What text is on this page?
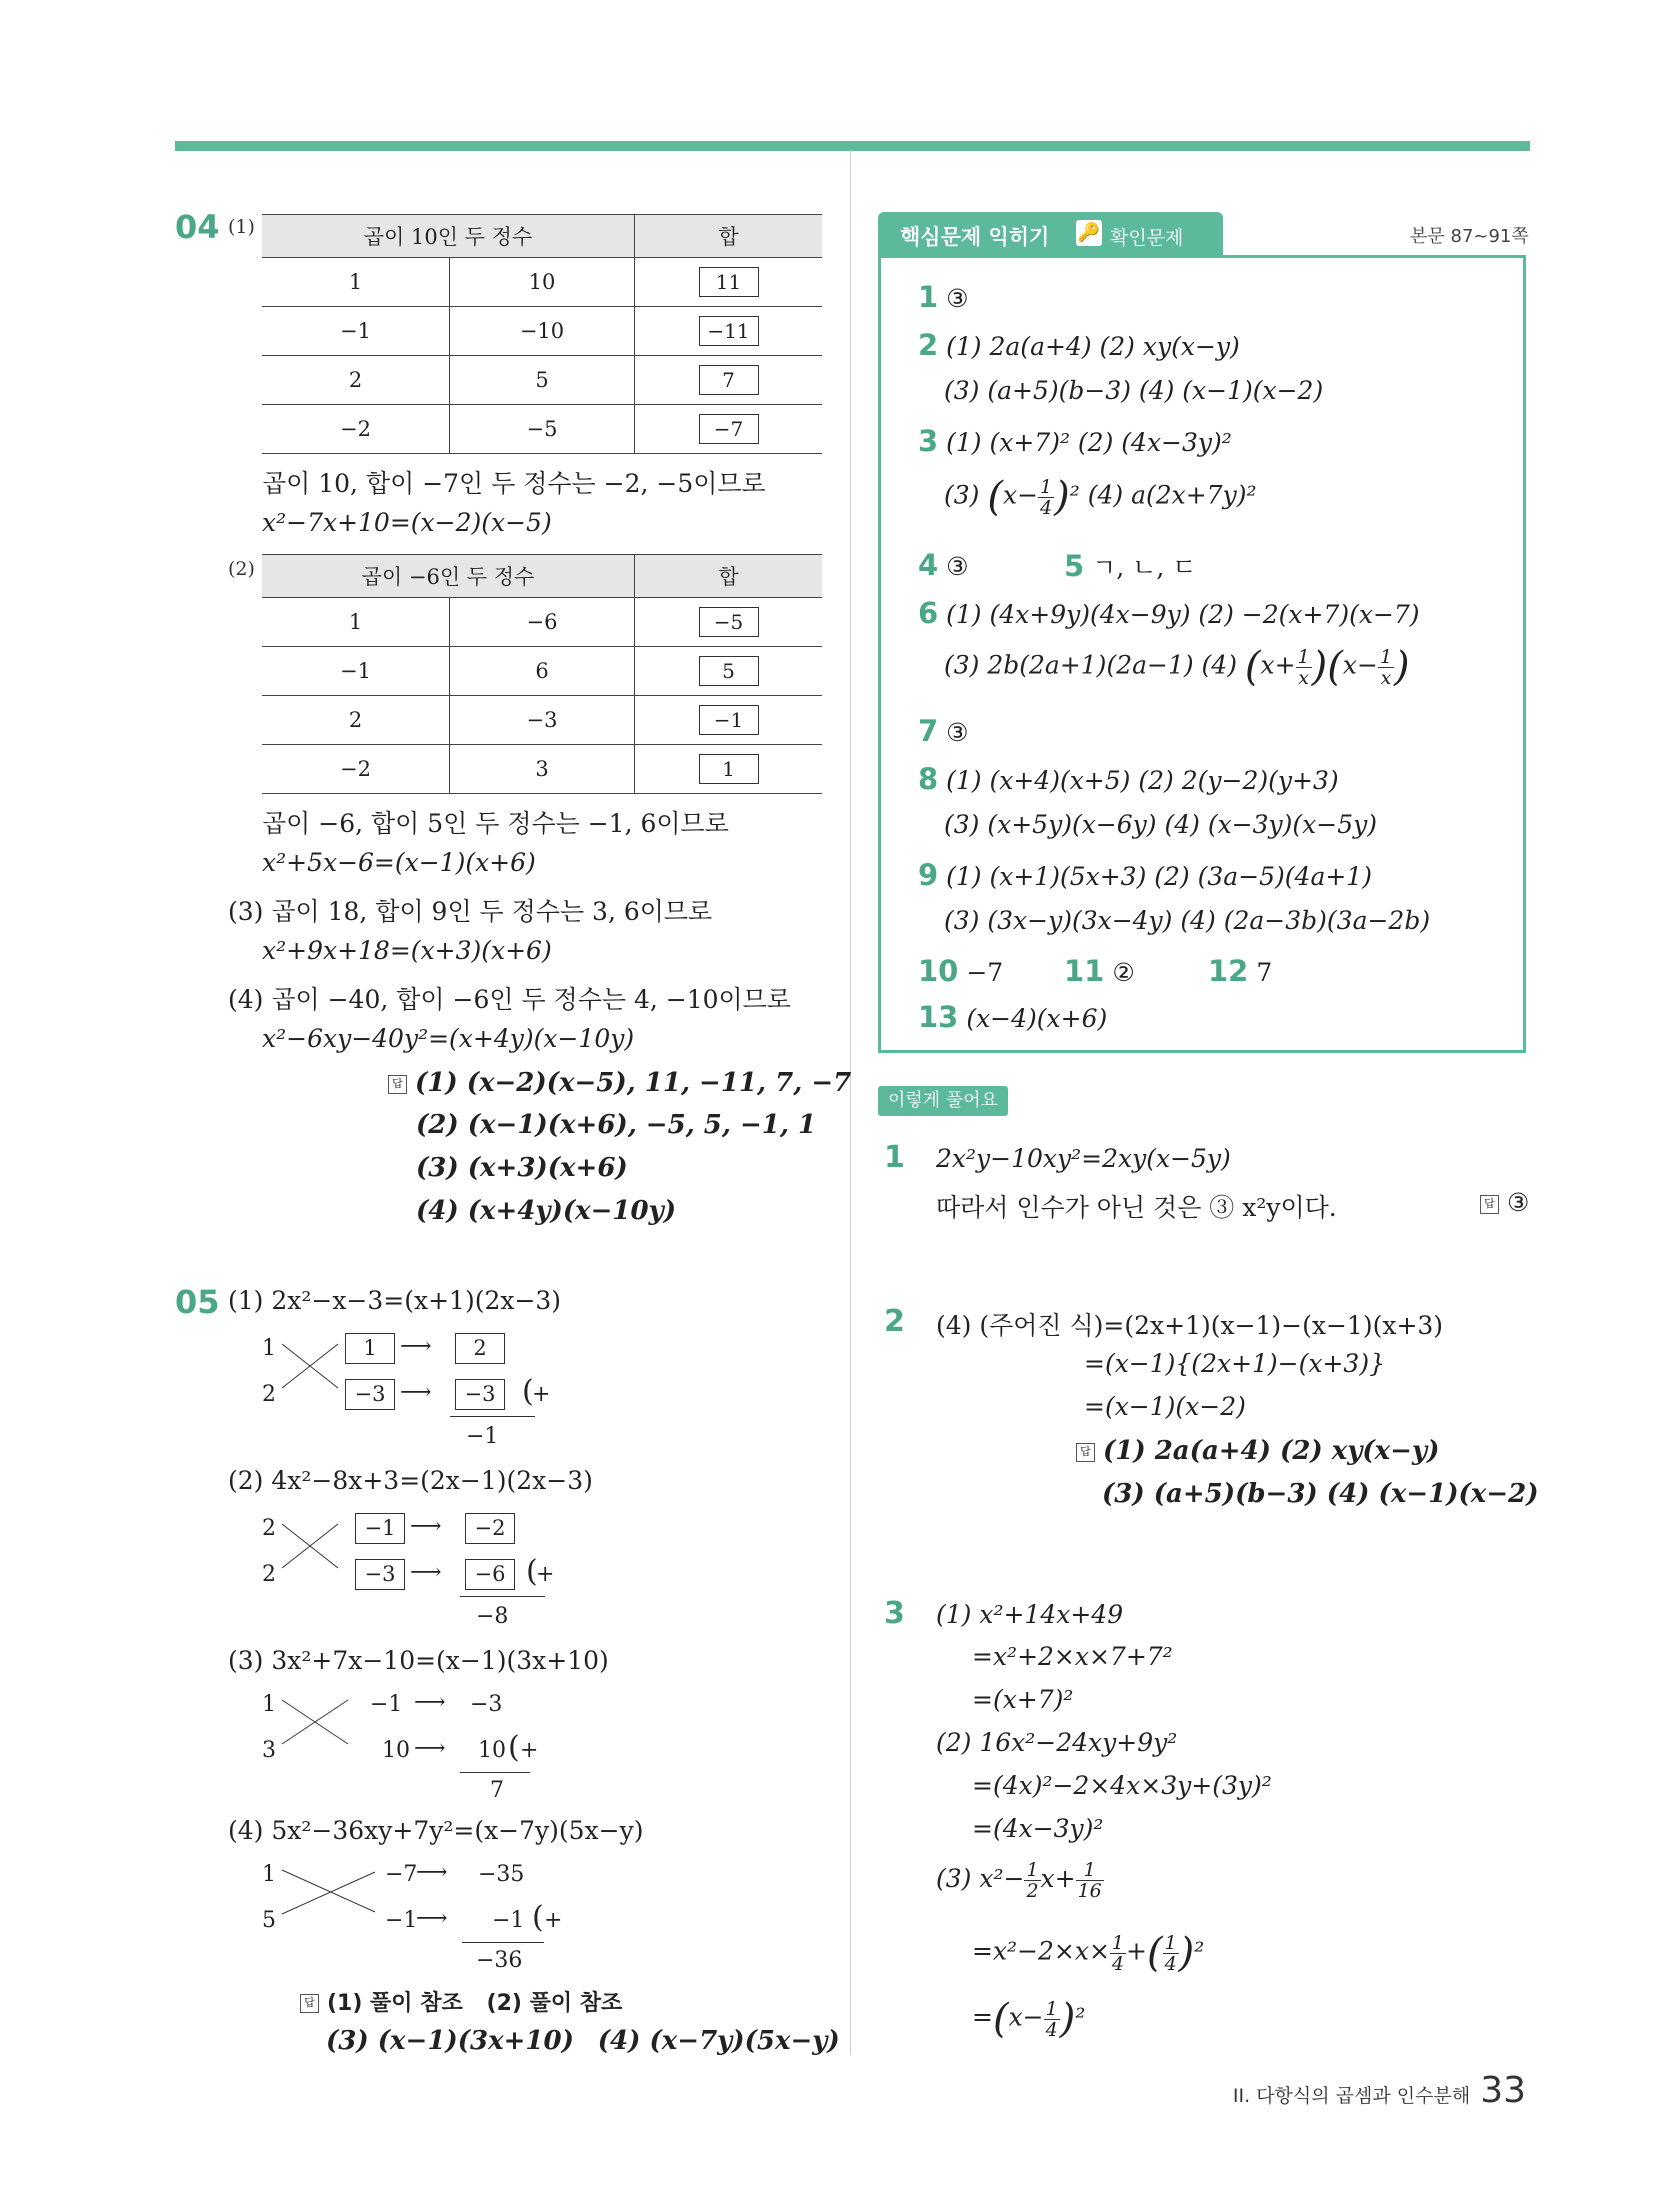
04 (1)	곱이 10인 두 정수		합
1	10	11
−1	−10	−11
2	5	7
−2	−5	−7
곱이 10, 합이 −7인 두 정수는 −2, −5이므로
x²−7x+10=(x−2)(x−5)
(2)	곱이 −6인 두 정수		합
1	−6	−5
−1	6	5
2	−3	−1
−2	3	1
곱이 −6, 합이 5인 두 정수는 −1, 6이므로
x²+5x−6=(x−1)(x+6)
(3) 곱이 18, 합이 9인 두 정수는 3, 6이므로
x²+9x+18=(x+3)(x+6)
(4) 곱이 −40, 합이 −6인 두 정수는 4, −10이므로
x²−6xy−40y²=(x+4y)(x−10y)
답 (1) (x−2)(x−5), 11, −11, 7, −7
(2) (x−1)(x+6), −5, 5, −1, 1
(3) (x+3)(x+6)
(4) (x+4y)(x−10y)
05 (1) 2x²−x−3=(x+1)(2x−3)
1
2
1
−3
⟶
⟶
2
−3 (
+
−1
(2) 4x²−8x+3=(2x−1)(2x−3)
2
2
−1
−3
⟶
⟶
−2
−6 (
+
−8
(3) 3x²+7x−10=(x−1)(3x+10)
1
3
−1
10
⟶
⟶
−3
10 ( +
7
(4) 5x²−36xy+7y²=(x−7y)(5x−y)
1
5
−7
−1
⟶
⟶
−35
−1 ( +
−36
답 (1) 풀이 참조 (2) 풀이 참조
(3) (x−1)(3x+10) (4) (x−7y)(5x−y)
핵심문제 익히기 🔑 확인문제	본문 87~91쪽
1 ③
2 (1) 2a(a+4) (2) xy(x−y)
(3) (a+5)(b−3) (4) (x−1)(x−2)
3 (1) (x+7)² (2) (4x−3y)²
(3) $(x- \frac{1}{4} )^2$ (4) a(2x+7y)²
4 ③	5 ㄱ, ㄴ, ㄷ
6 (1) (4x+9y)(4x−9y) (2) −2(x+7)(x−7)
(3) 2b(2a+1)(2a−1) (4) $(x+ \frac{1}{x} )(x- \frac{1}{x}$ )
7 ③
8 (1) (x+4)(x+5) (2) 2(y−2)(y+3)
(3) (x+5y)(x−6y) (4) (x−3y)(x−5y)
9 (1) (x+1)(5x+3) (2) (3a−5)(4a+1)
(3) (3x−y)(3x−4y) (4) (2a−3b)(3a−2b)
10 −7 11 ②	12 7
13 (x−4)(x+6)
이렇게 풀어요
1 2x²y−10xy²=2xy(x−5y)
따라서 인수가 아닌 것은 ③ x²y이다.	답 ③
2 (4) (주어진 식)=(2x+1)(x−1)−(x−1)(x+3)
=(x−1){(2x+1)−(x+3)}
=(x−1)(x−2)
답 (1) 2a(a+4) (2) xy(x−y)
(3) (a+5)(b−3) (4) (x−1)(x−2)
3 (1) x²+14x+49
=x²+2×x×7+7²
=(x+7)²
(2) 16x²−24xy+9y²
=(4x)²−2×4x×3y+(3y)²
=(4x−3y)²
(3) $x^2- \frac{1}{2} x+ \frac{1}{16}$
$=x^2-2\times x\times \frac{1}{4}$ +( $\frac{1}{4} )^2$
$=(x- \frac{1}{4} )^2$
II. 다항식의 곱셈과 인수분해 33
